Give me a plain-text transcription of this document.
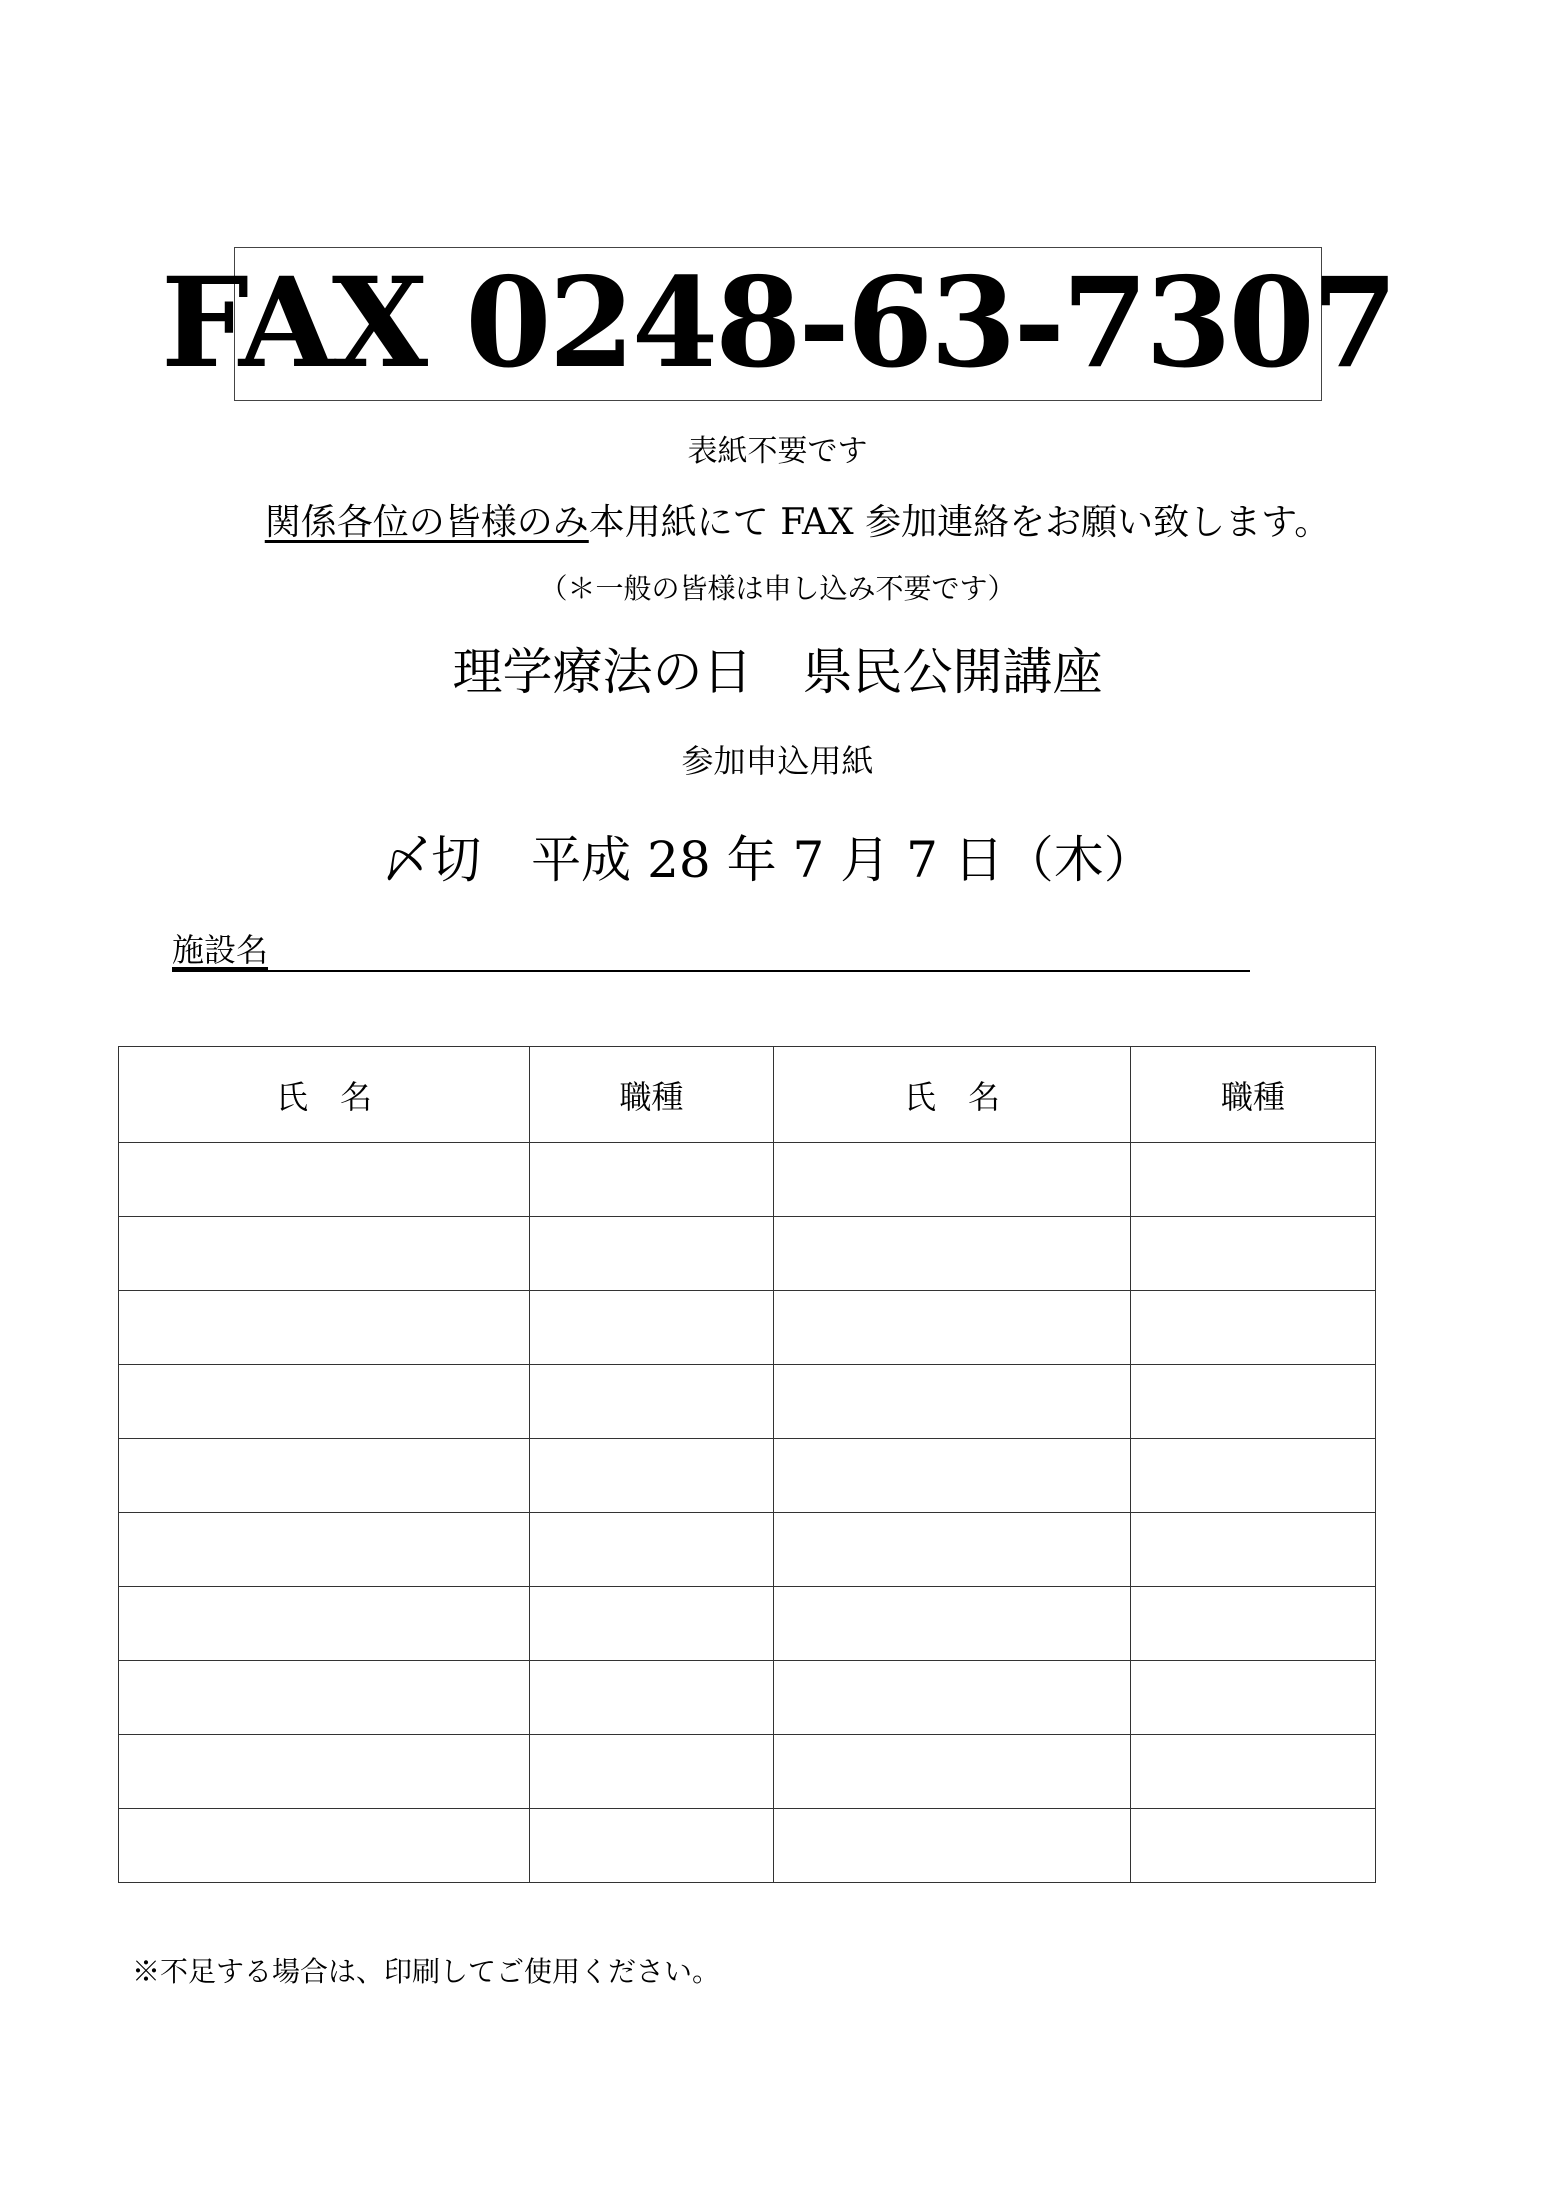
FAX 0248-63-7307
表紙不要です
関係各位の皆様のみ本用紙にて FAX 参加連絡をお願い致します。
（＊一般の皆様は申し込み不要です）
理学療法の日　県民公開講座
参加申込用紙
〆切　平成 28 年 7 月 7 日（木）
施設名
氏　名	職種	氏　名	職種

※不足する場合は、印刷してご使用ください。
